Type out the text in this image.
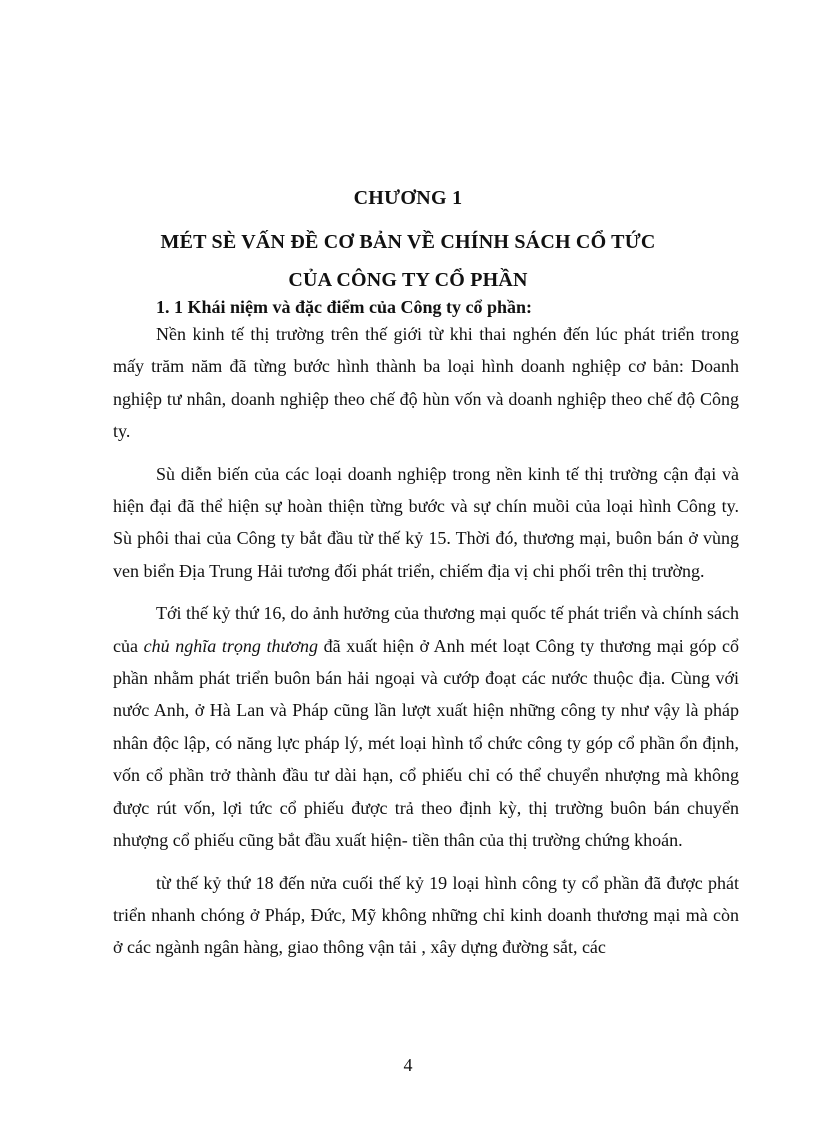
CHƯƠNG 1
MÉT SÈ VẤN ĐỀ CƠ BẢN VỀ CHÍNH SÁCH CỔ TỨC
CỦA CÔNG TY CỔ PHẦN
1. 1 Khái niệm và đặc điểm của Công ty cổ phần:

Nền kinh tế thị trường trên thế giới từ khi thai nghén đến lúc phát triển trong mấy trăm năm đã từng bước hình thành ba loại hình doanh nghiệp cơ bản: Doanh nghiệp tư nhân, doanh nghiệp theo chế độ hùn vốn và doanh nghiệp theo chế độ Công ty.

Sù diễn biến của các loại doanh nghiệp trong nền kinh tế thị trường cận đại và hiện đại đã thể hiện sự hoàn thiện từng bước và sự chín muồi của loại hình Công ty. Sù phôi thai của Công ty bắt đầu từ thế kỷ 15. Thời đó, thương mại, buôn bán ở vùng ven biển Địa Trung Hải tương đối phát triển, chiếm địa vị chi phối trên thị trường.

Tới thế kỷ thứ 16, do ảnh hưởng của thương mại quốc tế phát triển và chính sách của chủ nghĩa trọng thương đã xuất hiện ở Anh mét loạt Công ty thương mại góp cổ phần nhằm phát triển buôn bán hải ngoại và cướp đoạt các nước thuộc địa. Cùng với nước Anh, ở Hà Lan và Pháp cũng lần lượt xuất hiện những công ty như vậy là pháp nhân độc lập, có năng lực pháp lý, mét loại hình tổ chức công ty góp cổ phần ổn định, vốn cổ phần trở thành đầu tư dài hạn, cổ phiếu chỉ có thể chuyển nhượng mà không được rút vốn, lợi tức cổ phiếu được trả theo định kỳ, thị trường buôn bán chuyển nhượng cổ phiếu cũng bắt đầu xuất hiện- tiền thân của thị trường chứng khoán.

từ thế kỷ thứ 18 đến nửa cuối thế kỷ 19 loại hình công ty cổ phần đã được phát triển nhanh chóng ở Pháp, Đức, Mỹ không những chỉ kinh doanh thương mại mà còn ở các ngành ngân hàng, giao thông vận tải , xây dựng đường sắt, các

4
